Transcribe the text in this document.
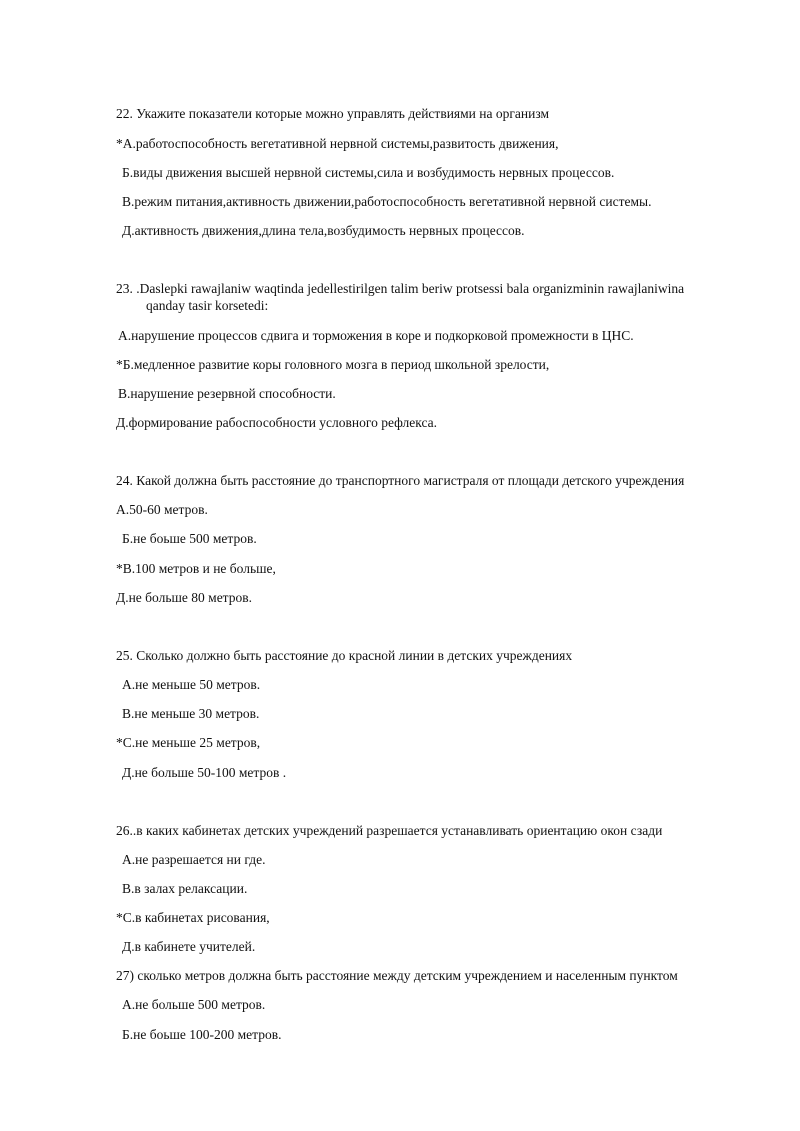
22. Укажите показатели которые можно управлять действиями на организм
*А.работоспособность вегетативной нервной системы,развитость движения,
Б.виды движения высшей нервной системы,сила и возбудимость нервных процессов.
В.режим питания,активность движении,работоспособность вегетативной нервной системы.
Д.активность движения,длина тела,возбудимость нервных процессов.
23. .Daslepki rawajlaniw waqtinda jedellestirilgen talim beriw protsessi bala organizminin rawajlaniwina
qanday tasir korsetedi:
А.нарушение процессов сдвига и торможения в коре и подкорковой промежности в ЦНС.
*Б.медленное развитие коры головного мозга в период школьной зрелости,
В.нарушение резервной способности.
Д.формирование рабоспособности условного рефлекса.
24. Какой должна быть расстояние до транспортного магистраля от площади детского учреждения
А.50-60 метров.
Б.не боьше 500 метров.
*В.100 метров и не больше,
Д.не больше 80 метров.
25. Сколько должно быть расстояние до красной линии в детских учреждениях
А.не меньше 50 метров.
В.не меньше 30 метров.
*С.не меньше 25 метров,
Д.не больше 50-100 метров .
26..в каких кабинетах детских учреждений разрешается устанавливать ориентацию окон сзади
А.не разрешается ни где.
В.в залах релаксации.
*С.в кабинетах рисования,
Д.в кабинете учителей.
27) сколько метров должна быть расстояние между детским учреждением и населенным пунктом
А.не больше 500 метров.
Б.не боьше 100-200 метров.
